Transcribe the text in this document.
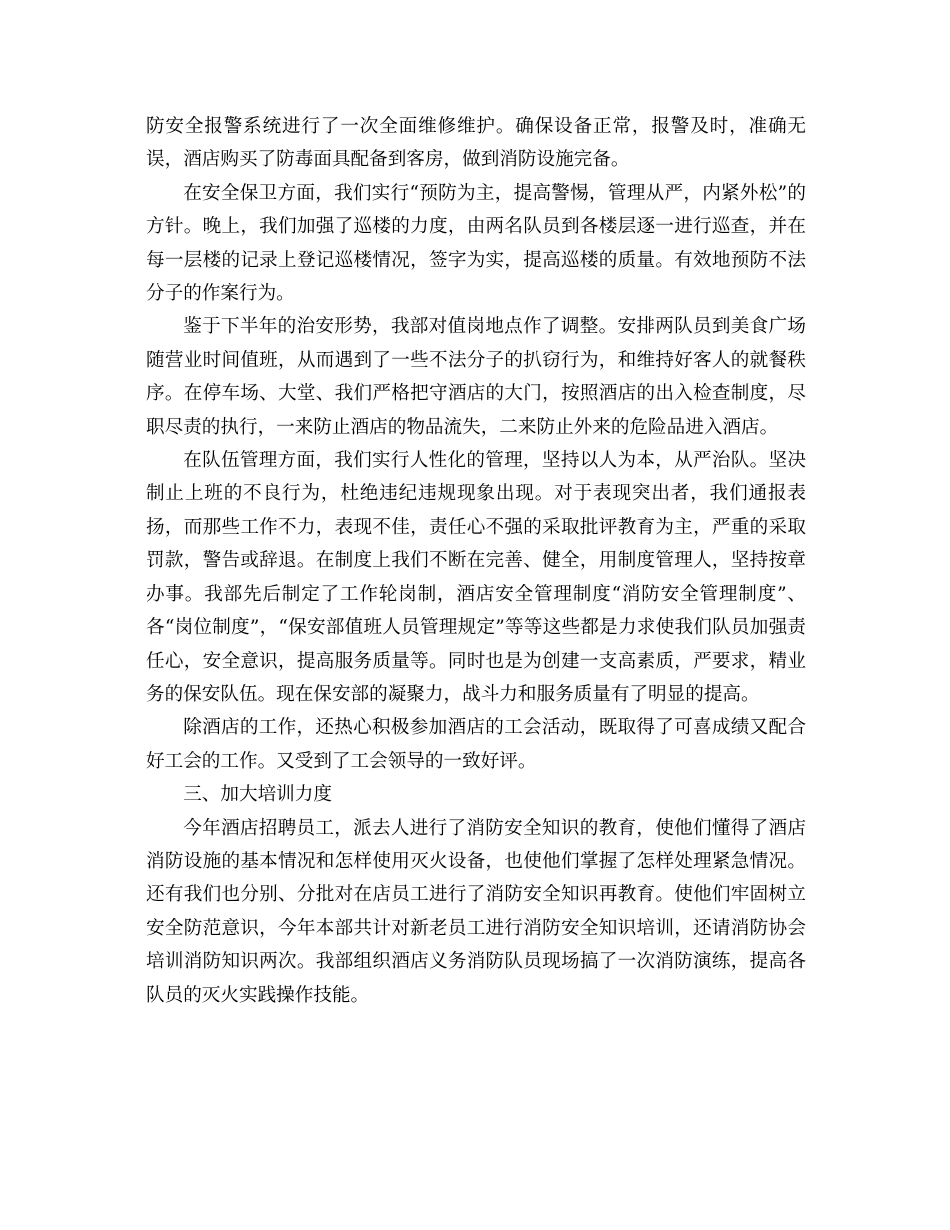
防安全报警系统进行了一次全面维修维护。确保设备正常，报警及时，准确无误，酒店购买了防毒面具配备到客房，做到消防设施完备。

在安全保卫方面，我们实行“预防为主，提高警惕，管理从严，内紧外松”的方针。晚上，我们加强了巡楼的力度，由两名队员到各楼层逐一进行巡查，并在每一层楼的记录上登记巡楼情况，签字为实，提高巡楼的质量。有效地预防不法分子的作案行为。

鉴于下半年的治安形势，我部对值岗地点作了调整。安排两队员到美食广场随营业时间值班，从而遇到了一些不法分子的扒窃行为，和维持好客人的就餐秩序。在停车场、大堂、我们严格把守酒店的大门，按照酒店的出入检查制度，尽职尽责的执行，一来防止酒店的物品流失，二来防止外来的危险品进入酒店。

在队伍管理方面，我们实行人性化的管理，坚持以人为本，从严治队。坚决制止上班的不良行为，杜绝违纪违规现象出现。对于表现突出者，我们通报表扬，而那些工作不力，表现不佳，责任心不强的采取批评教育为主，严重的采取罚款，警告或辞退。在制度上我们不断在完善、健全，用制度管理人，坚持按章办事。我部先后制定了工作轮岗制，酒店安全管理制度“消防安全管理制度”、各“岗位制度”，“保安部值班人员管理规定”等等这些都是力求使我们队员加强责任心，安全意识，提高服务质量等。同时也是为创建一支高素质，严要求，精业务的保安队伍。现在保安部的凝聚力，战斗力和服务质量有了明显的提高。

除酒店的工作，还热心积极参加酒店的工会活动，既取得了可喜成绩又配合好工会的工作。又受到了工会领导的一致好评。

三、加大培训力度

今年酒店招聘员工，派去人进行了消防安全知识的教育，使他们懂得了酒店消防设施的基本情况和怎样使用灭火设备，也使他们掌握了怎样处理紧急情况。还有我们也分别、分批对在店员工进行了消防安全知识再教育。使他们牢固树立安全防范意识，今年本部共计对新老员工进行消防安全知识培训，还请消防协会培训消防知识两次。我部组织酒店义务消防队员现场搞了一次消防演练，提高各队员的灭火实践操作技能。
